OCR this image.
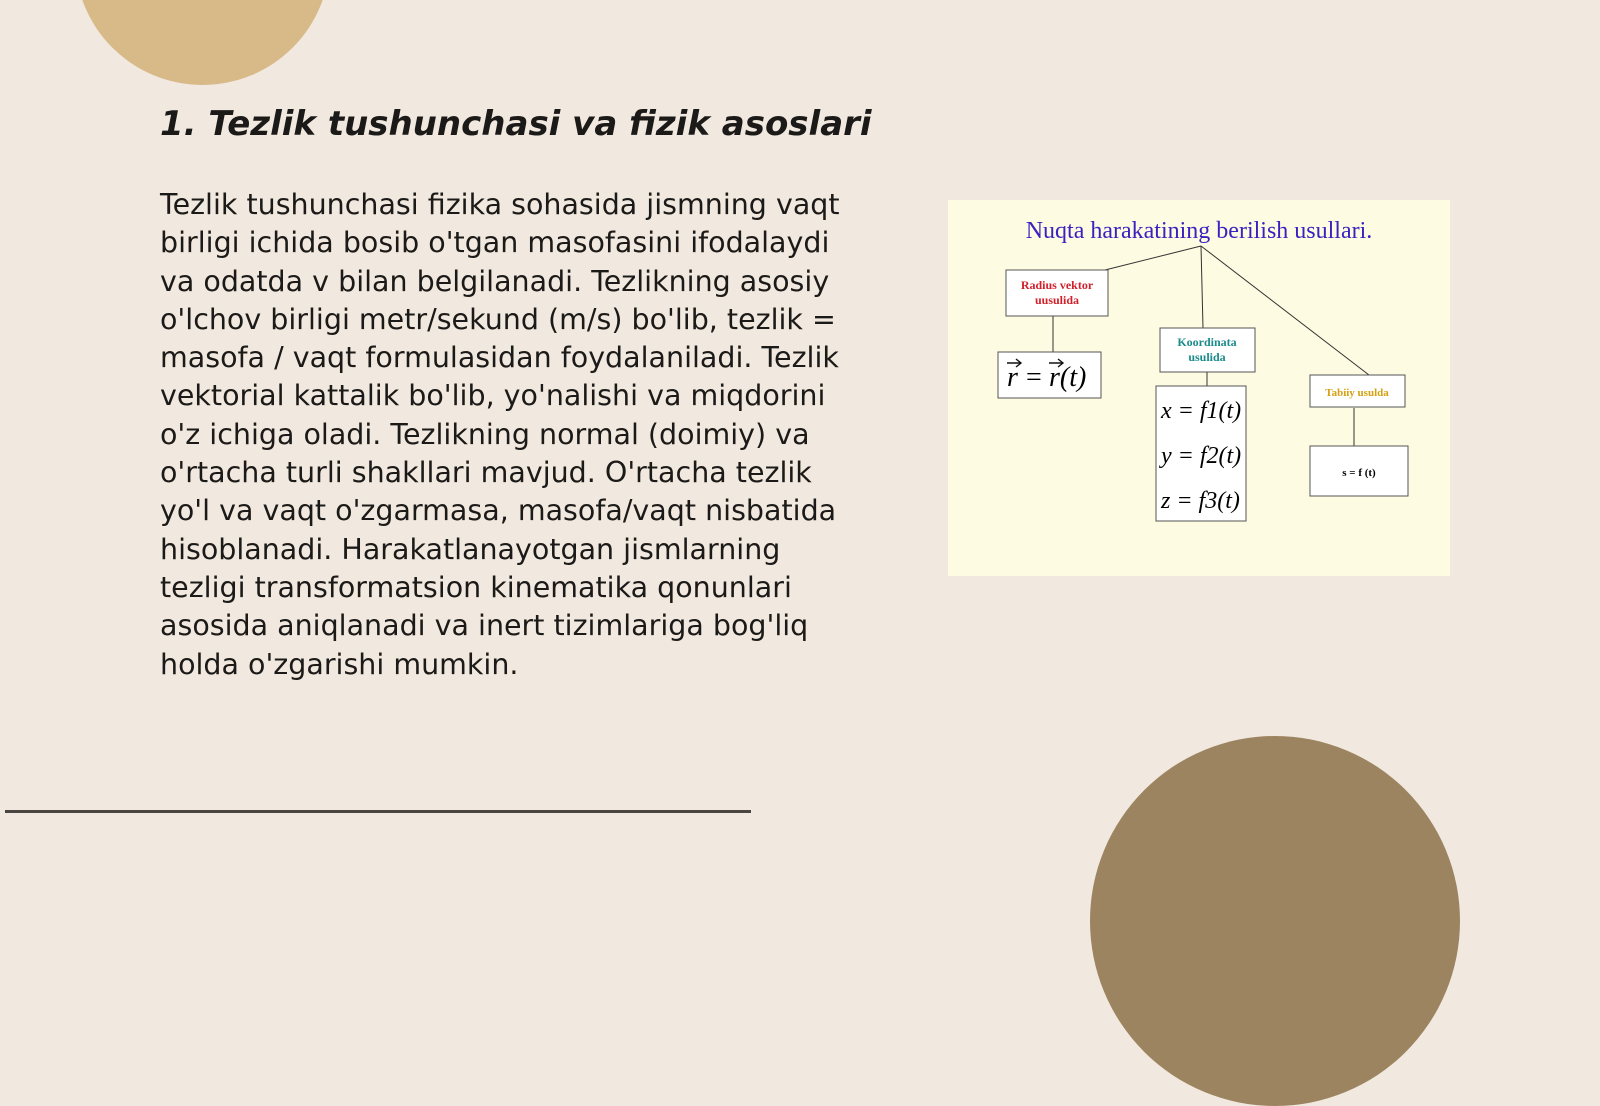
1. Tezlik tushunchasi va fizik asoslari

Tezlik tushunchasi fizika sohasida jismning vaqt birligi ichida bosib o'tgan masofasini ifodalaydi va odatda v bilan belgilanadi. Tezlikning asosiy o'lchov birligi metr/sekund (m/s) bo'lib, tezlik = masofa / vaqt formulasidan foydalaniladi. Tezlik vektorial kattalik bo'lib, yo'nalishi va miqdorini o'z ichiga oladi. Tezlikning normal (doimiy) va o'rtacha turli shakllari mavjud. O'rtacha tezlik yo'l va vaqt o'zgarmasa, masofa/vaqt nisbatida hisoblanadi. Harakatlanayotgan jismlarning tezligi transformatsion kinematika qonunlari asosida aniqlanadi va inert tizimlariga bog'liq holda o'zgarishi mumkin.

Nuqta harakatining berilish usullari.
Radius vektor
uusulida
r = r(t)
Koordinata
usulida
x = f1(t)
y = f2(t)
z = f3(t)
Tabiiy usulda
s = f (t)
